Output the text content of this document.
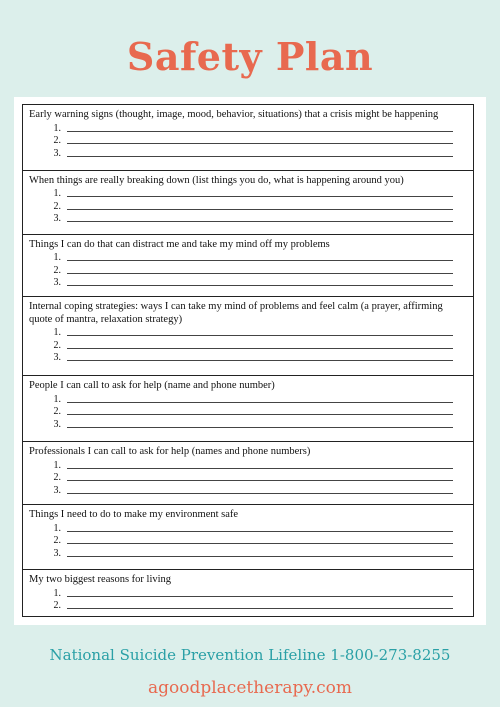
Safety Plan
Early warning signs (thought, image, mood, behavior, situations) that a crisis might be happening
1.
2.
3.
When things are really breaking down (list things you do, what is happening around you)
1.
2.
3.
Things I can do that can distract me and take my mind off my problems
1.
2.
3.
Internal coping strategies: ways I can take my mind of problems and feel calm (a prayer, affirming quote of mantra, relaxation strategy)
1.
2.
3.
People I can call to ask for help (name and phone number)
1.
2.
3.
Professionals I can call to ask for help (names and phone numbers)
1.
2.
3.
Things I need to do to make my environment safe
1.
2.
3.
My two biggest reasons for living
1.
2.
National Suicide Prevention Lifeline 1-800-273-8255
agoodplacetherapy.com
